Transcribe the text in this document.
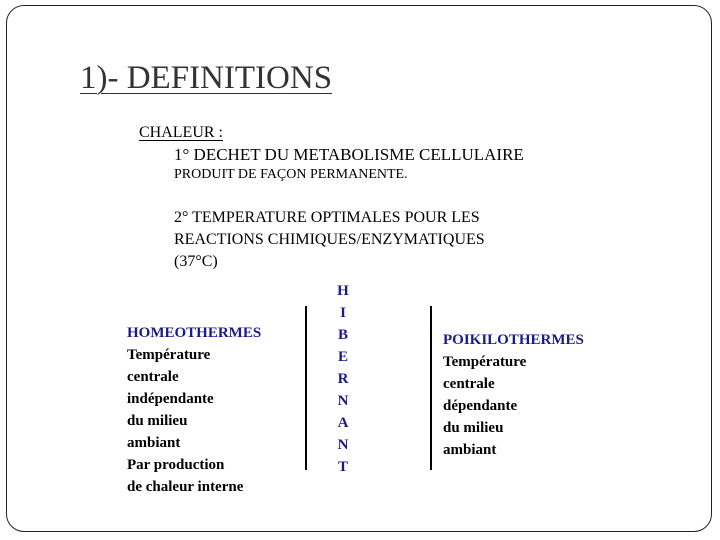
1)- DEFINITIONS
CHALEUR :
1° DECHET DU METABOLISME CELLULAIRE
PRODUIT DE FAÇON PERMANENTE.
2° TEMPERATURE OPTIMALES POUR LES
REACTIONS CHIMIQUES/ENZYMATIQUES
(37°C)
HOMEOTHERMES
Température
centrale
indépendante
du milieu
ambiant
Par production
de chaleur interne
H
I
B
E
R
N
A
N
T
POIKILOTHERMES
Température
centrale
dépendante
du milieu
ambiant
